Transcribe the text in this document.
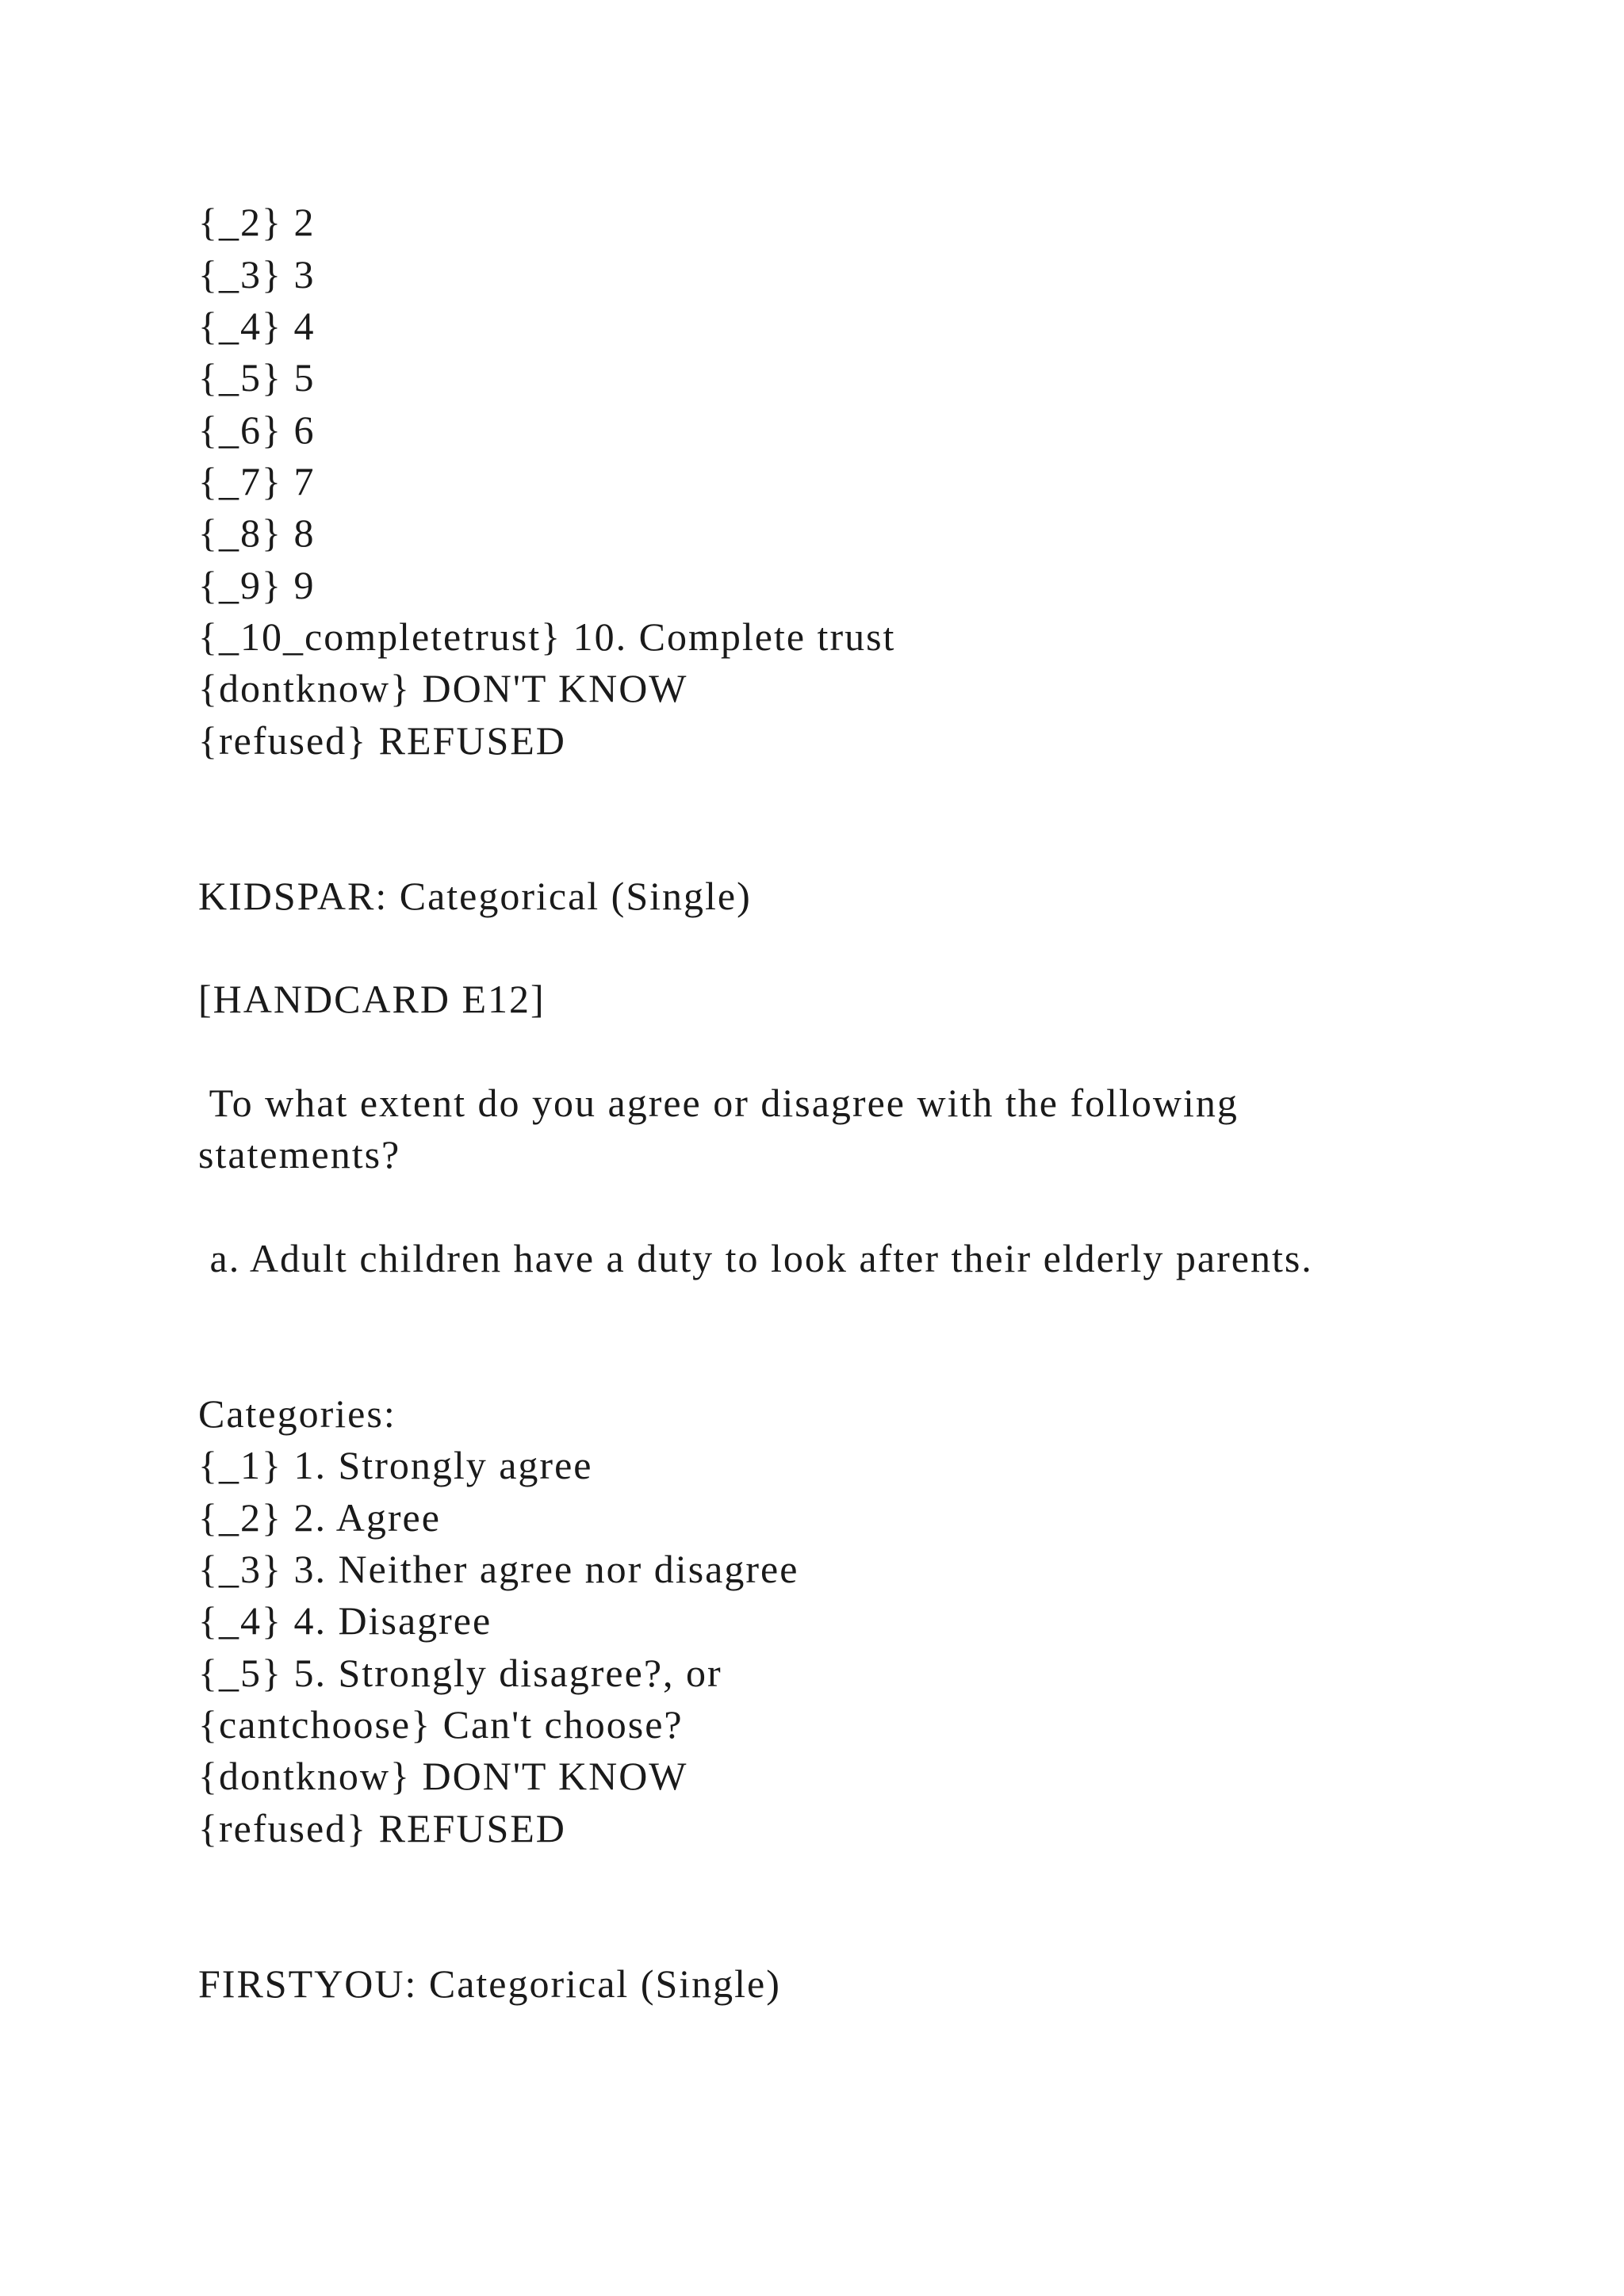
{_2} 2

{_3} 3

{_4} 4

{_5} 5

{_6} 6

{_7} 7

{_8} 8

{_9} 9

{_10_completetrust} 10. Complete trust

{dontknow} DON'T KNOW

{refused} REFUSED

KIDSPAR: Categorical (Single)

[HANDCARD E12]

To what extent do you agree or disagree with the following

statements?

a. Adult children have a duty to look after their elderly parents.

Categories:

{_1} 1. Strongly agree

{_2} 2. Agree

{_3} 3. Neither agree nor disagree

{_4} 4. Disagree

{_5} 5. Strongly disagree?, or

{cantchoose} Can't choose?

{dontknow} DON'T KNOW

{refused} REFUSED

FIRSTYOU: Categorical (Single)
